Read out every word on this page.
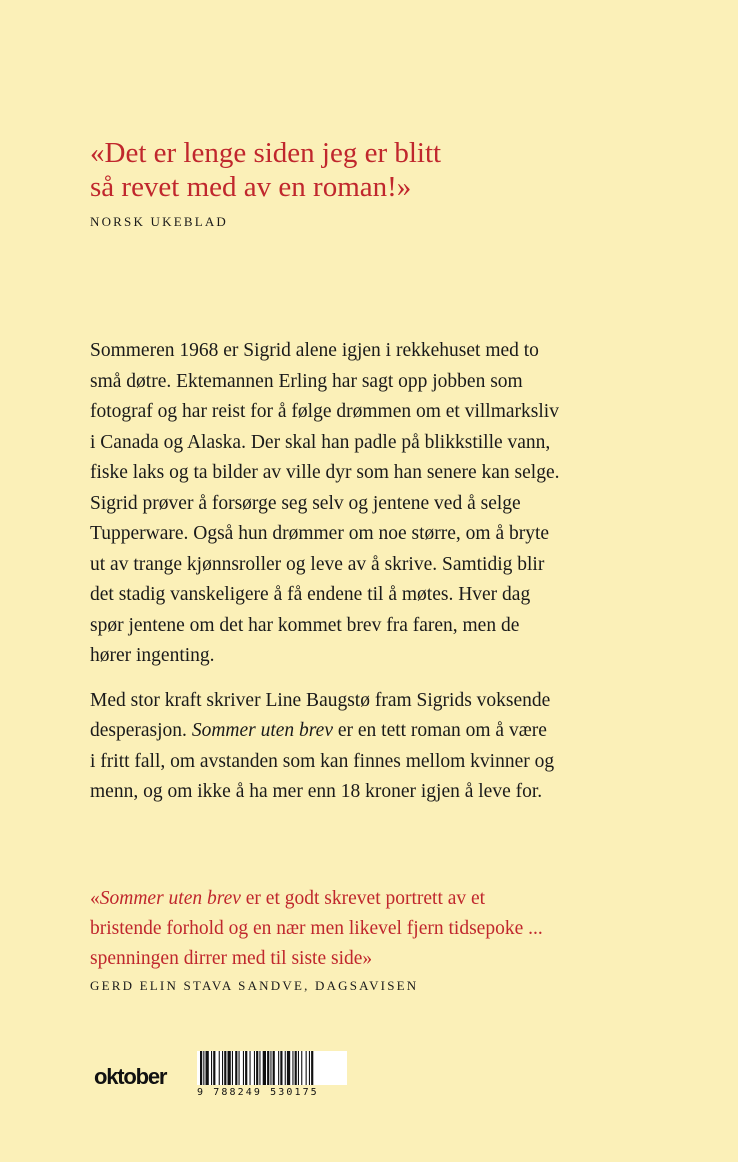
«Det er lenge siden jeg er blitt
så revet med av en roman!»
NORSK UKEBLAD

Sommeren 1968 er Sigrid alene igjen i rekkehuset med to
små døtre. Ektemannen Erling har sagt opp jobben som
fotograf og har reist for å følge drømmen om et villmarksliv
i Canada og Alaska. Der skal han padle på blikkstille vann,
fiske laks og ta bilder av ville dyr som han senere kan selge.
Sigrid prøver å forsørge seg selv og jentene ved å selge
Tupperware. Også hun drømmer om noe større, om å bryte
ut av trange kjønnsroller og leve av å skrive. Samtidig blir
det stadig vanskeligere å få endene til å møtes. Hver dag
spør jentene om det har kommet brev fra faren, men de
hører ingenting.

Med stor kraft skriver Line Baugstø fram Sigrids voksende
desperasjon. Sommer uten brev er en tett roman om å være
i fritt fall, om avstanden som kan finnes mellom kvinner og
menn, og om ikke å ha mer enn 18 kroner igjen å leve for.

«Sommer uten brev er et godt skrevet portrett av et
bristende forhold og en nær men likevel fjern tidsepoke ...
spenningen dirrer med til siste side»
GERD ELIN STAVA SANDVE, DAGSAVISEN
oktober
9 788249 530175
